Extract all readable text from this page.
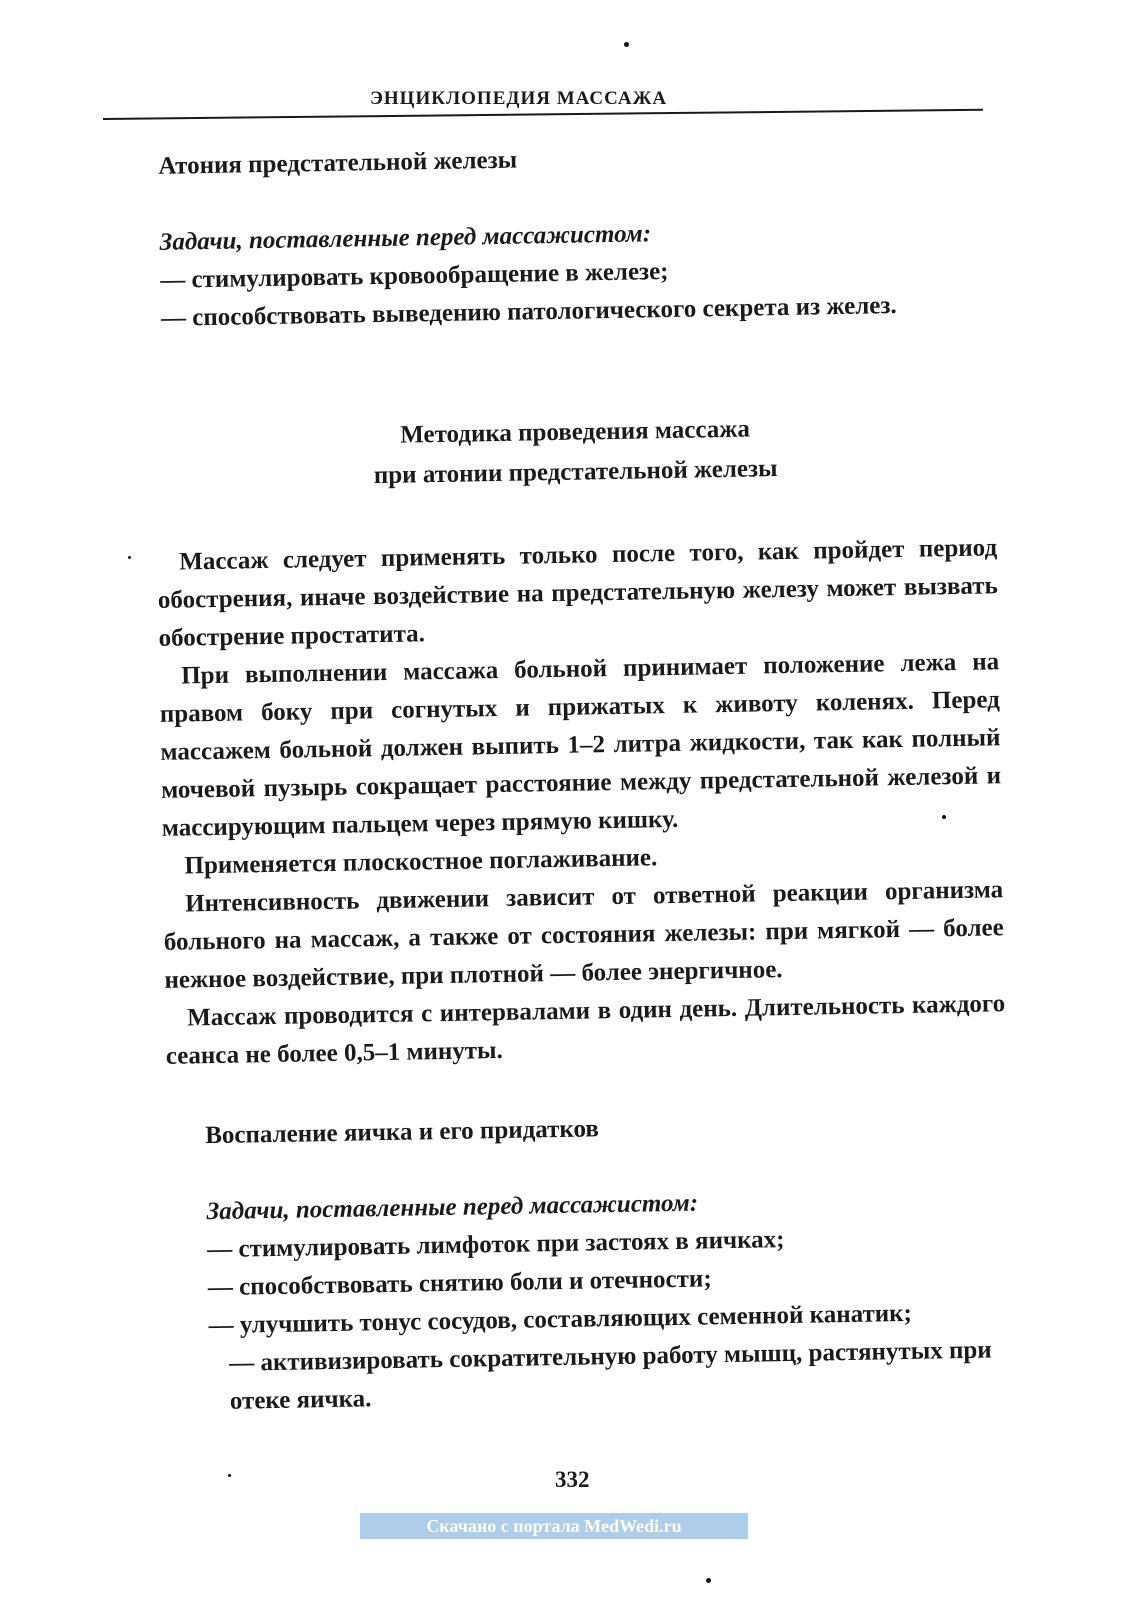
ЭНЦИКЛОПЕДИЯ МАССАЖА
Атония предстательной железы
Задачи, поставленные перед массажистом:
— стимулировать кровообращение в железе;
— способствовать выведению патологического секрета из желез.
Методика проведения массажа
при атонии предстательной железы

Массаж следует применять только после того, как пройдет период обострения, иначе воздействие на предстательную железу может вызвать обострение простатита.

При выполнении массажа больной принимает положение лежа на правом боку при согнутых и прижатых к животу коленях. Перед массажем больной должен выпить 1–2 литра жидкости, так как полный мочевой пузырь сокращает расстояние между предстательной железой и массирующим пальцем через прямую кишку.

Применяется плоскостное поглаживание.

Интенсивность движении зависит от ответной реакции организма больного на массаж, а также от состояния железы: при мягкой — более нежное воздействие, при плотной — более энергичное.

Массаж проводится с интервалами в один день. Длительность каждого сеанса не более 0,5–1 минуты.

Воспаление яичка и его придатков
Задачи, поставленные перед массажистом:
— стимулировать лимфоток при застоях в яичках;
— способствовать снятию боли и отечности;
— улучшить тонус сосудов, составляющих семенной канатик;
— активизировать сократительную работу мышц, растянутых при отеке яичка.
332
Скачано с портала MedWedi.ru
